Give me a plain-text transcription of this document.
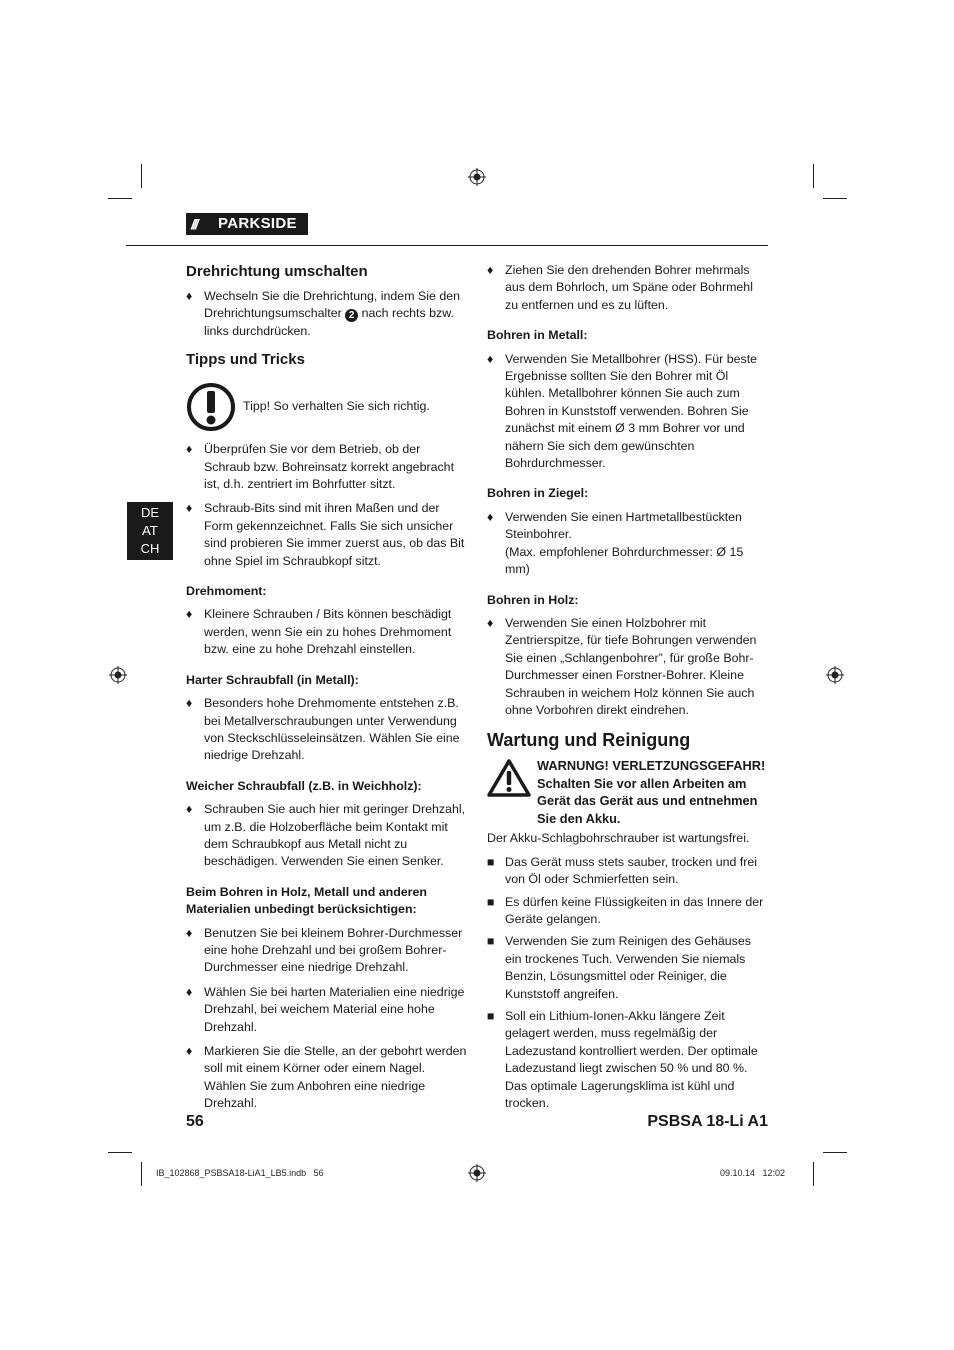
/// PARKSIDE
DE
AT
CH

Drehrichtung umschalten

♦ Wechseln Sie die Drehrichtung, indem Sie den Drehrichtungsumschalter 2 nach rechts bzw. links durchdrücken.

Tipps und Tricks

Tipp! So verhalten Sie sich richtig.
♦ Überprüfen Sie vor dem Betrieb, ob der Schraub bzw. Bohreinsatz korrekt angebracht ist, d.h. zentriert im Bohrfutter sitzt.
♦ Schraub-Bits sind mit ihren Maßen und der Form gekennzeichnet. Falls Sie sich unsicher sind probieren Sie immer zuerst aus, ob das Bit ohne Spiel im Schraubkopf sitzt.

Drehmoment:

♦ Kleinere Schrauben / Bits können beschädigt werden, wenn Sie ein zu hohes Drehmoment bzw. eine zu hohe Drehzahl einstellen.

Harter Schraubfall (in Metall):

♦ Besonders hohe Drehmomente entstehen z.B. bei Metallverschraubungen unter Verwendung von Steckschlüsseleinsätzen. Wählen Sie eine niedrige Drehzahl.

Weicher Schraubfall (z.B. in Weichholz):

♦ Schrauben Sie auch hier mit geringer Drehzahl, um z.B. die Holzoberfläche beim Kontakt mit dem Schraubkopf aus Metall nicht zu beschädigen. Verwenden Sie einen Senker.

Beim Bohren in Holz, Metall und anderen Materialien unbedingt berücksichtigen:

♦ Benutzen Sie bei kleinem Bohrer-Durchmesser eine hohe Drehzahl und bei großem Bohrer-Durchmesser eine niedrige Drehzahl.
♦ Wählen Sie bei harten Materialien eine niedrige Drehzahl, bei weichem Material eine hohe Drehzahl.
♦ Markieren Sie die Stelle, an der gebohrt werden soll mit einem Körner oder einem Nagel. Wählen Sie zum Anbohren eine niedrige Drehzahl.
♦ Ziehen Sie den drehenden Bohrer mehrmals aus dem Bohrloch, um Späne oder Bohrmehl zu entfernen und es zu lüften.

Bohren in Metall:

♦ Verwenden Sie Metallbohrer (HSS). Für beste Ergebnisse sollten Sie den Bohrer mit Öl kühlen. Metallbohrer können Sie auch zum Bohren in Kunststoff verwenden. Bohren Sie zunächst mit einem Ø 3 mm Bohrer vor und nähern Sie sich dem gewünschten Bohrdurchmesser.

Bohren in Ziegel:

♦ Verwenden Sie einen Hartmetallbestückten Steinbohrer.
(Max. empfohlener Bohrdurchmesser: Ø 15 mm)

Bohren in Holz:

♦ Verwenden Sie einen Holzbohrer mit Zentrierspitze, für tiefe Bohrungen verwenden Sie einen „Schlangenbohrer”, für große Bohr-Durchmesser einen Forstner-Bohrer. Kleine Schrauben in weichem Holz können Sie auch ohne Vorbohren direkt eindrehen.

Wartung und Reinigung

WARNUNG! VERLETZUNGSGEFAHR! Schalten Sie vor allen Arbeiten am Gerät das Gerät aus und entnehmen Sie den Akku.

Der Akku-Schlagbohrschrauber ist wartungsfrei.

■ Das Gerät muss stets sauber, trocken und frei von Öl oder Schmierfetten sein.
■ Es dürfen keine Flüssigkeiten in das Innere der Geräte gelangen.
■ Verwenden Sie zum Reinigen des Gehäuses ein trockenes Tuch. Verwenden Sie niemals Benzin, Lösungsmittel oder Reiniger, die Kunststoff angreifen.
■ Soll ein Lithium-Ionen-Akku längere Zeit gelagert werden, muss regelmäßig der Ladezustand kontrolliert werden. Der optimale Ladezustand liegt zwischen 50 % und 80 %. Das optimale Lagerungsklima ist kühl und trocken.
56	PSBSA 18-Li A1
IB_102868_PSBSA18-LiA1_LB5.indb   56	09.10.14   12:02
